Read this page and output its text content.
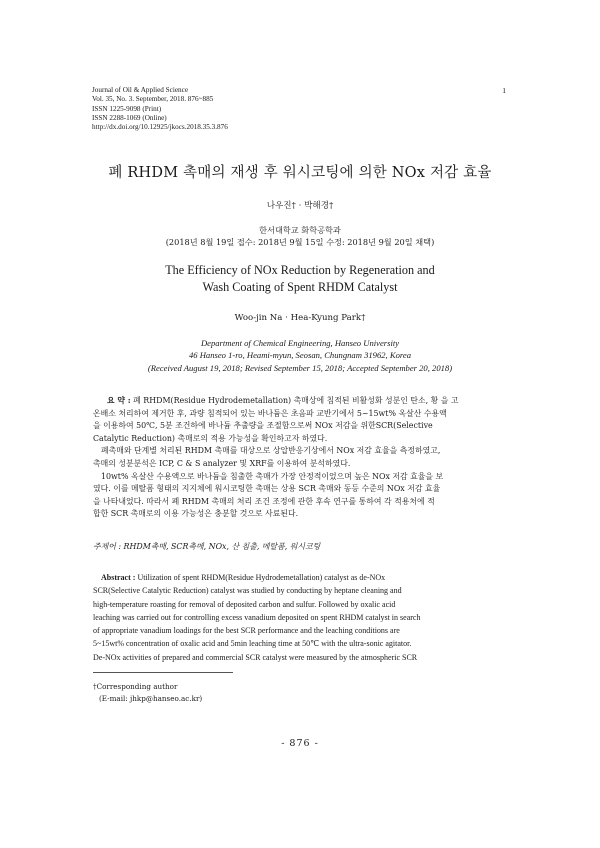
Journal of Oil & Applied Science
Vol. 35, No. 3. September, 2018. 876~885
ISSN 1225-9098 (Print)
ISSN 2288-1069 (Online)
http://dx.doi.org/10.12925/jkocs.2018.35.3.876
1
폐 RHDM 촉매의 재생 후 워시코팅에 의한 NOx 저감 효율
나우진† · 박해경†
한서대학교 화학공학과
(2018년 8월 19일 접수: 2018년 9월 15일 수정: 2018년 9월 20일 채택)
The Efficiency of NOx Reduction by Regeneration and
Wash Coating of Spent RHDM Catalyst
Woo-jin Na · Hea-Kyung Park†
Department of Chemical Engineering, Hanseo University
46 Hanseo 1-ro, Heami-myun, Seosan, Chungnam 31962, Korea
(Received August 19, 2018; Revised September 15, 2018; Accepted September 20, 2018)
요 약 : 폐 RHDM(Residue Hydrodemetallation) 촉매상에 침적된 비활성화 성분인 탄소, 황 을 고
온배소 처리하여 제거한 후, 과량 침적되어 있는 바나듐은 초음파 교반기에서 5~15wt% 옥살산 수용액
을 이용하여 50℃, 5분 조건하에 바나듐 추출량을 조절함으로써 NOx 저감을 위한SCR(Selective
Catalytic Reduction) 촉매로의 적용 가능성을 확인하고자 하였다.
폐촉매와 단계별 처리된 RHDM 촉매를 대상으로 상압반응기상에서 NOx 저감 효율을 측정하였고,
촉매의 성분분석은 ICP, C & S analyzer 및 XRF를 이용하여 분석하였다.
10wt% 옥살산 수용액으로 바나듐을 침출한 촉매가 가장 안정적이었으며 높은 NOx 저감 효율을 보
였다. 이를 메탈폼 형태의 지지체에 워시코팅한 촉매는 상용 SCR 촉매와 동등 수준의 NOx 저감 효율
을 나타내었다. 따라서 폐 RHDM 촉매의 처리 조건 조정에 관한 후속 연구를 통하여 각 적용처에 적
합한 SCR 촉매로의 이용 가능성은 충분할 것으로 사료된다.
주제어 : RHDM촉매, SCR촉매, NOx, 산 침출, 메탈폼, 워시코팅
Abstract : Utilization of spent RHDM(Residue Hydrodemetallation) catalyst as de-NOx
SCR(Selective Catalytic Reduction) catalyst was studied by conducting by heptane cleaning and
high-temperature roasting for removal of deposited carbon and sulfur. Followed by oxalic acid
leaching was carried out for controlling excess vanadium deposited on spent RHDM catalyst in search
of appropriate vanadium loadings for the best SCR performance and the leaching conditions are
5~15wt% concentration of oxalic acid and 5min leaching time at 50℃ with the ultra-sonic agitator.
De-NOx activities of prepared and commercial SCR catalyst were measured by the atmospheric SCR
†Corresponding author
(E-mail: jhkp@hanseo.ac.kr)
- 876 -
